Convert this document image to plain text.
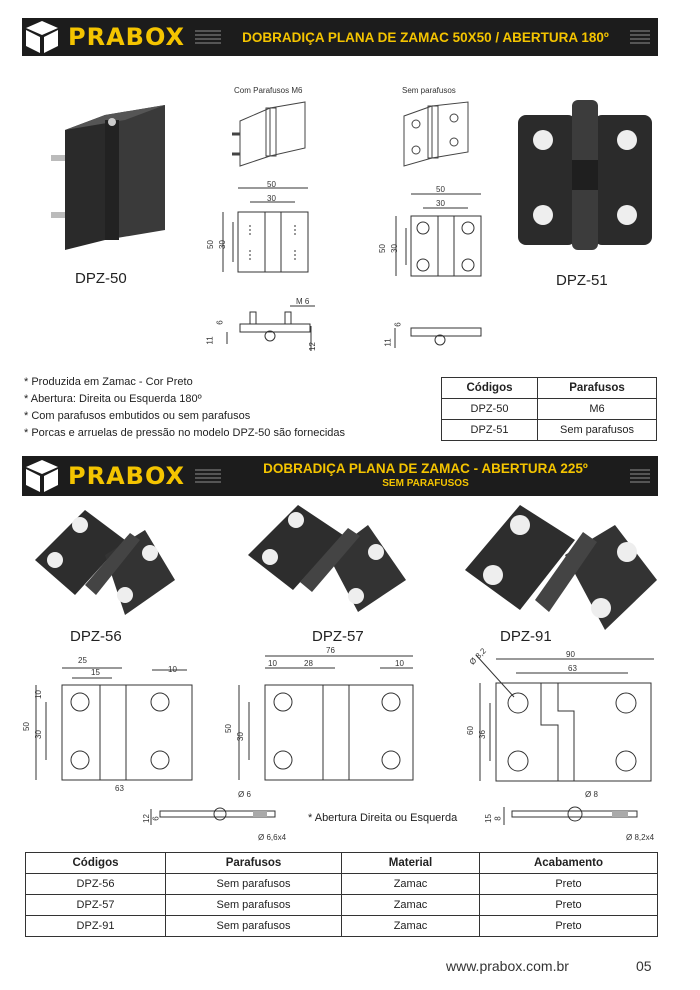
PRABOX	DOBRADIÇA PLANA DE ZAMAC 50X50 / ABERTURA 180º
DPZ-50
Com Parafusos M6
50
30
50 30
M 6
6
11
12
Sem parafusos
50
30
50 30
6
11
DPZ-51
* Produzida em Zamac - Cor Preto
* Abertura: Direita ou Esquerda 180º
* Com parafusos embutidos ou sem parafusos
* Porcas e arruelas de pressão no modelo DPZ-50 são fornecidas
Códigos	Parafusos
DPZ-50	M6
DPZ-51	Sem parafusos
PRABOX	DOBRADIÇA PLANA DE ZAMAC - ABERTURA 225º
SEM PARAFUSOS
DPZ-56	DPZ-57	DPZ-91
25
15	10
10
50
30
63
76
10	28	10
50
30
Ø 8,2	90
63
60 36
Ø 6
12 6
Ø 6,6x4
* Abertura Direita ou Esquerda
Ø 8
15 8
Ø 8,2x4
Códigos	Parafusos	Material	Acabamento
DPZ-56	Sem parafusos	Zamac	Preto
DPZ-57	Sem parafusos	Zamac	Preto
DPZ-91	Sem parafusos	Zamac	Preto
www.prabox.com.br	05
